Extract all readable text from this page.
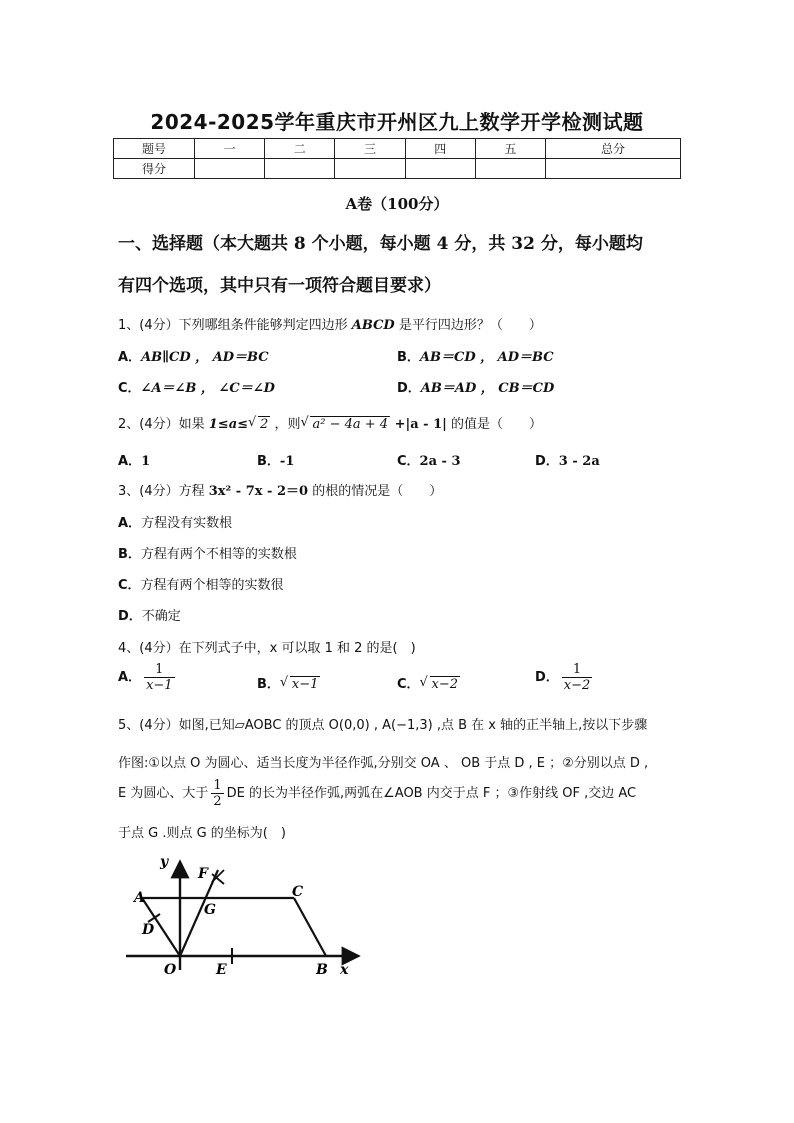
2024-2025学年重庆市开州区九上数学开学检测试题
题号	一	二	三	四	五	总分
得分						
A卷（100分）
一、选择题（本大题共 8 个小题，每小题 4 分，共 32 分，每小题均
有四个选项，其中只有一项符合题目要求）
1、(4分）下列哪组条件能够判定四边形 ABCD 是平行四边形？（　　）
A．AB∥CD ， AD＝BC	B．AB＝CD ， AD＝BC
C．∠A＝∠B ， ∠C＝∠D	D．AB＝AD ， CB＝CD
2、(4分）如果 1≤a≤ √ 2 ，则 √ a² − 4a + 4 +|a - 1| 的值是（　　）
A．1	B．-1	C．2a - 3	D．3 - 2a
3、(4分）方程 3x² - 7x - 2＝0 的根的情况是（　　）
A．方程没有实数根
B．方程有两个不相等的实数根
C．方程有两个相等的实数很
D．不确定
4、(4分）在下列式子中，x 可以取 1 和 2 的是(　)
A． $\frac{1}{x-1}$	B． √ x−1	C． √ x−2	D． $\frac{1}{x-2}$
5、(4分）如图,已知▱AOBC 的顶点 O(0,0) , A(−1,3) ,点 B 在 x 轴的正半轴上,按以下步骤
作图:①以点 O 为圆心、适当长度为半径作弧,分别交 OA 、 OB 于点 D , E ；②分别以点 D ,
E 为圆心、大于 $\frac{1}{2}$ DE 的长为半径作弧,两弧在∠AOB 内交于点 F ；③作射线 OF ,交边 AC
于点 G .则点 G 的坐标为(　)
y
x
A	C
D
G
F
O	E	B
